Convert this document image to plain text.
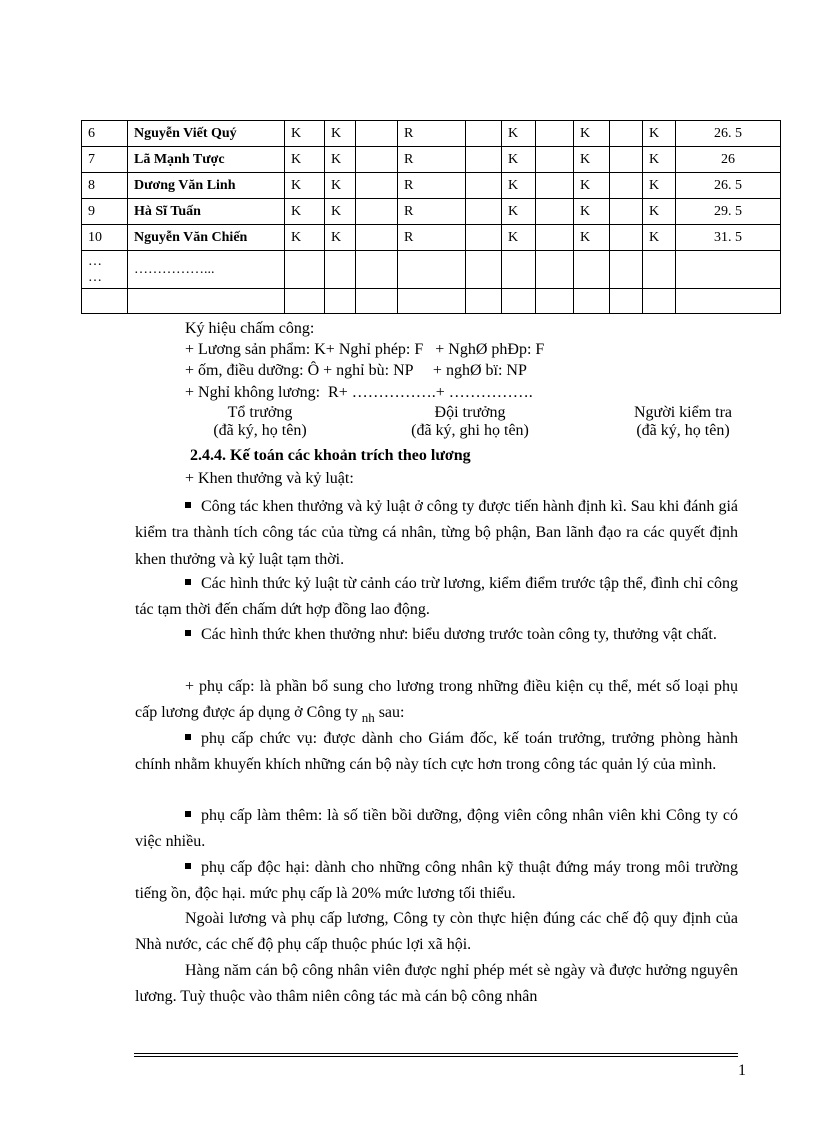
6	Nguyễn Viết Quý	K	K		R		K		K		K	26. 5
7	Lã Mạnh Tược	K	K		R		K		K		K	26
8	Dương Văn Linh	K	K		R		K		K		K	26. 5
9	Hà Sĩ Tuấn	K	K		R		K		K		K	29. 5
10	Nguyễn Văn Chiến	K	K		R		K		K		K	31. 5

…
…	……………...											

Ký hiệu chấm công:
+ Lương sản phẩm: K+ Nghỉ phép: F   + NghØ phÐp: F
+ ốm, điều dưỡng: Ô + nghỉ bù: NP     + nghØ bï: NP
+ Nghỉ không lương:  R+ …………….+ …………….
Tổ trưởng
(đã ký, họ tên)
Đội trưởng
(đã ký, ghi họ tên)
Người kiểm tra
(đã ký, họ tên)
2.4.4. Kế toán các khoản trích theo lương
+ Khen thưởng và kỷ luật:
Công tác khen thưởng và kỷ luật ở công ty được tiến hành định kì. Sau khi đánh giá kiểm tra thành tích công tác của từng cá nhân, từng bộ phận, Ban lãnh đạo ra các quyết định khen thưởng và kỷ luật tạm thời.
Các hình thức kỷ luật từ cảnh cáo trừ lương, kiểm điểm trước tập thể, đình chỉ công tác tạm thời đến chấm dứt hợp đồng lao động.
Các hình thức khen thưởng như: biểu dương trước toàn công ty, thưởng vật chất.
+ phụ cấp: là phần bổ sung cho lương trong những điều kiện cụ thể, mét số loại phụ cấp lương được áp dụng ở Công ty $_{nh}$ sau:
phụ cấp chức vụ: được dành cho Giám đốc, kế toán trưởng, trưởng phòng hành chính nhằm khuyến khích những cán bộ này tích cực hơn trong công tác quản lý của mình.
phụ cấp làm thêm: là số tiền bồi dưỡng, động viên công nhân viên khi Công ty có việc nhiều.
phụ cấp độc hại: dành cho những công nhân kỹ thuật đứng máy trong môi trường tiếng ồn, độc hại. mức phụ cấp là 20% mức lương tối thiểu.
Ngoài lương và phụ cấp lương, Công ty còn thực hiện đúng các chế độ quy định của Nhà nước, các chế độ phụ cấp thuộc phúc lợi xã hội.
Hàng năm cán bộ công nhân viên được nghỉ phép mét sè ngày và được hưởng nguyên lương. Tuỳ thuộc vào thâm niên công tác mà cán bộ công nhân
1
